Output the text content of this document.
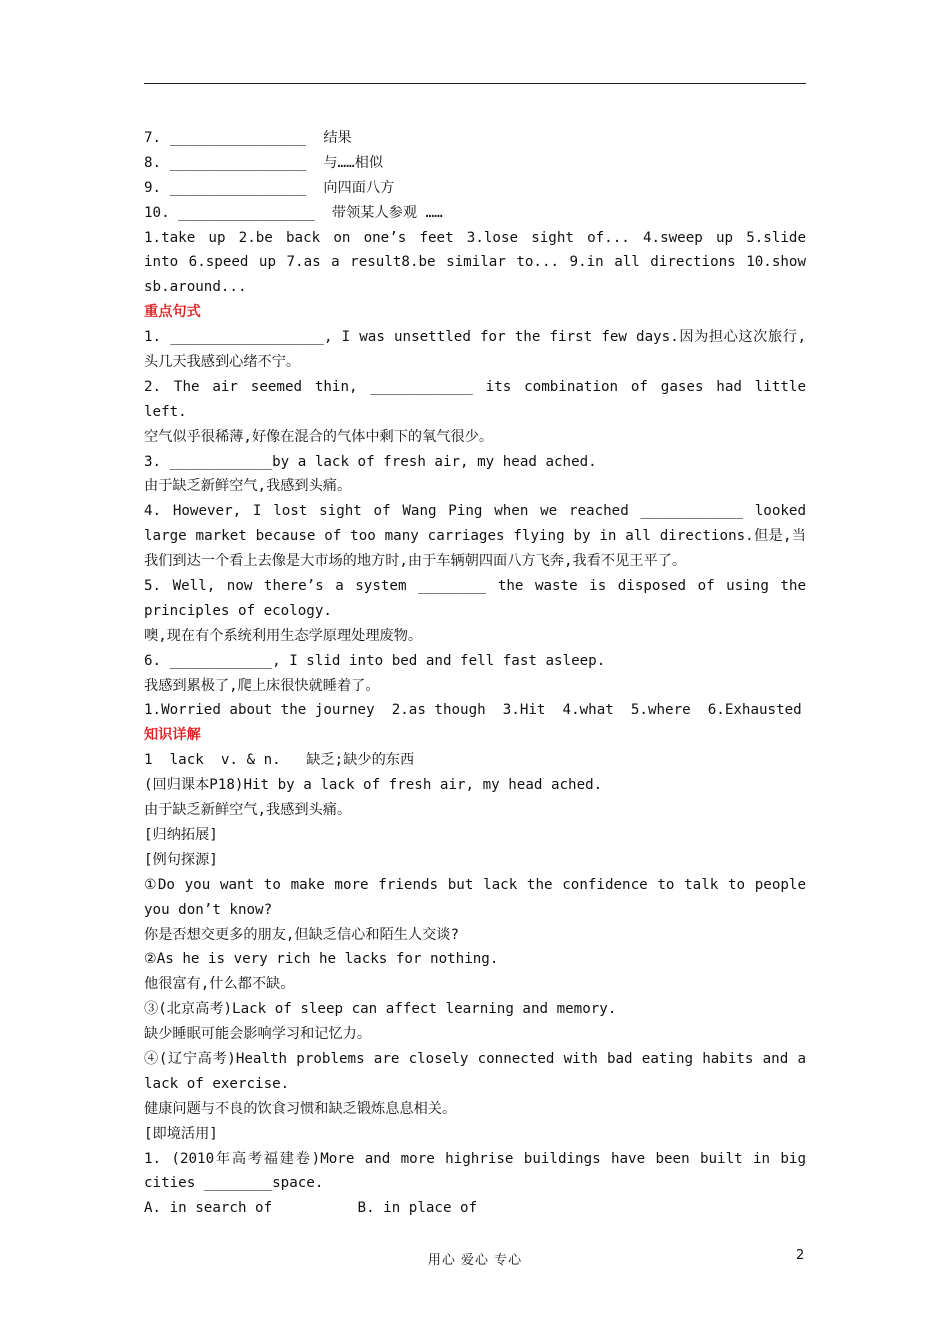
7. ________________  结果
8. ________________  与……相似
9. ________________  向四面八方
10. ________________  带领某人参观 ……
1.take up 2.be back on one’s feet 3.lose sight of... 4.sweep up 5.slide
into 6.speed up 7.as a result8.be similar to... 9.in all directions 10.show
sb.around...
重点句式
1. __________________, I was unsettled for the first few days.因为担心这次旅行,
头几天我感到心绪不宁。
2. The air seemed thin, ____________ its combination of gases had little
left.
空气似乎很稀薄,好像在混合的气体中剩下的氧气很少。
3. ____________by a lack of fresh air, my head ached.
由于缺乏新鲜空气,我感到头痛。
4. However, I lost sight of Wang Ping when we reached ____________ looked
large market because of too many carriages flying by in all directions.但是,当
我们到达一个看上去像是大市场的地方时,由于车辆朝四面八方飞奔,我看不见王平了。
5. Well, now there’s a system ________ the waste is disposed of using the
principles of ecology.
噢,现在有个系统利用生态学原理处理废物。
6. ____________, I slid into bed and fell fast asleep.
我感到累极了,爬上床很快就睡着了。
1.Worried about the journey  2.as though  3.Hit  4.what  5.where  6.Exhausted
知识详解
1  lack  v. & n.   缺乏;缺少的东西
(回归课本P18)Hit by a lack of fresh air, my head ached.
由于缺乏新鲜空气,我感到头痛。
[归纳拓展]
[例句探源]
①Do you want to make more friends but lack the confidence to talk to people
you don’t know?
你是否想交更多的朋友,但缺乏信心和陌生人交谈?
②As he is very rich he lacks for nothing.
他很富有,什么都不缺。
③(北京高考)Lack of sleep can affect learning and memory.
缺少睡眠可能会影响学习和记忆力。
④(辽宁高考)Health problems are closely connected with bad eating habits and a
lack of exercise.
健康问题与不良的饮食习惯和缺乏锻炼息息相关。
[即境活用]
1. (2010年高考福建卷)More and more highrise buildings have been built in big
cities ________space.
A. in search of          B. in place of
用心 爱心 专心	2
